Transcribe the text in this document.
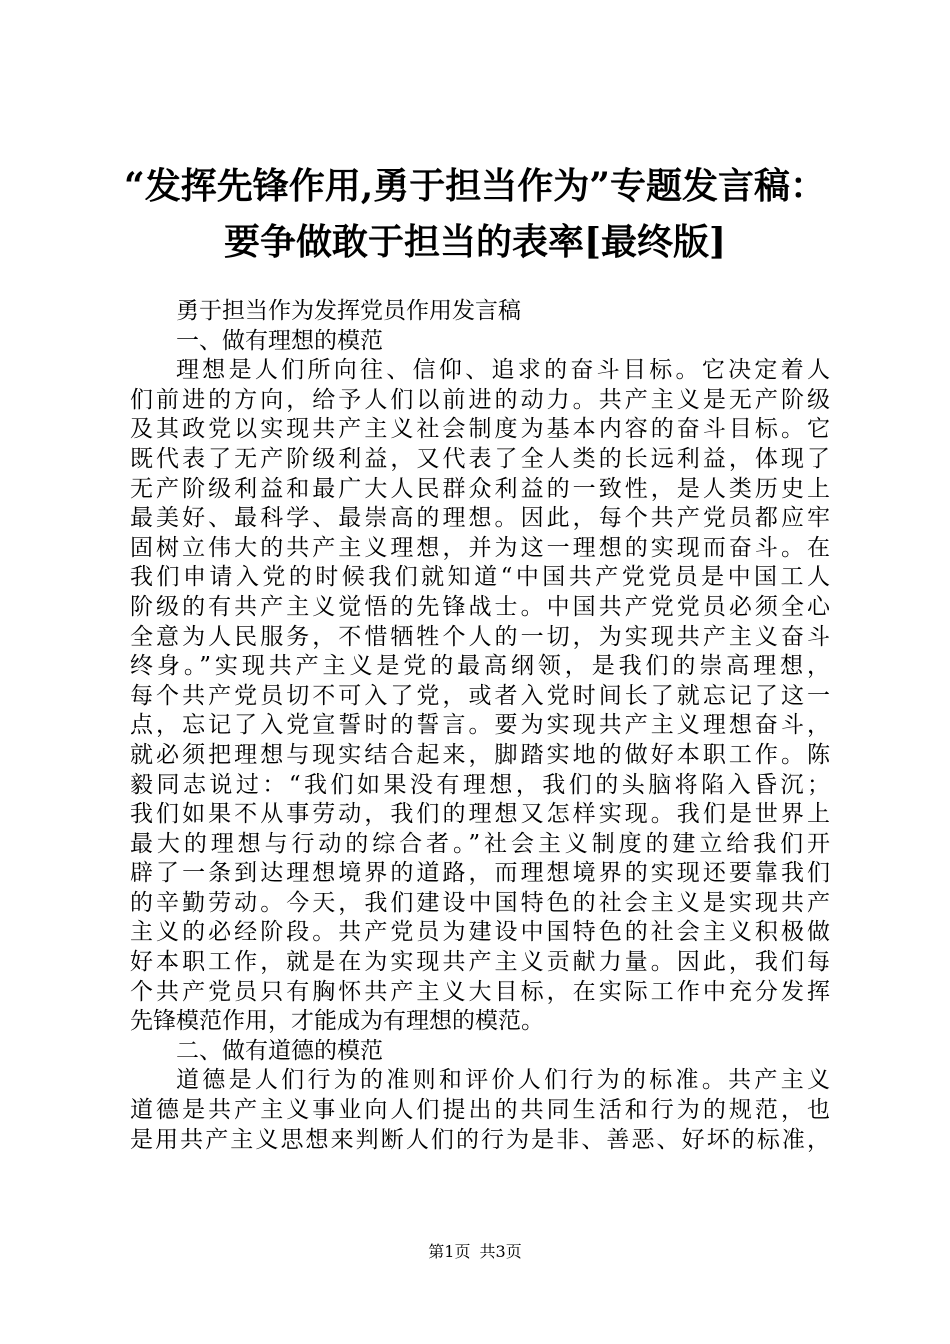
“发挥先锋作用,勇于担当作为”专题发言稿：
要争做敢于担当的表率[最终版]
勇于担当作为发挥党员作用发言稿
一、做有理想的模范
理想是人们所向往、信仰、追求的奋斗目标。它决定着人
们前进的方向，给予人们以前进的动力。共产主义是无产阶级
及其政党以实现共产主义社会制度为基本内容的奋斗目标。它
既代表了无产阶级利益，又代表了全人类的长远利益，体现了
无产阶级利益和最广大人民群众利益的一致性，是人类历史上
最美好、最科学、最崇高的理想。因此，每个共产党员都应牢
固树立伟大的共产主义理想，并为这一理想的实现而奋斗。在
我们申请入党的时候我们就知道“中国共产党党员是中国工人
阶级的有共产主义觉悟的先锋战士。中国共产党党员必须全心
全意为人民服务，不惜牺牲个人的一切，为实现共产主义奋斗
终身。”实现共产主义是党的最高纲领，是我们的崇高理想，
每个共产党员切不可入了党，或者入党时间长了就忘记了这一
点，忘记了入党宣誓时的誓言。要为实现共产主义理想奋斗，
就必须把理想与现实结合起来，脚踏实地的做好本职工作。陈
毅同志说过：“我们如果没有理想，我们的头脑将陷入昏沉；
我们如果不从事劳动，我们的理想又怎样实现。我们是世界上
最大的理想与行动的综合者。”社会主义制度的建立给我们开
辟了一条到达理想境界的道路，而理想境界的实现还要靠我们
的辛勤劳动。今天，我们建设中国特色的社会主义是实现共产
主义的必经阶段。共产党员为建设中国特色的社会主义积极做
好本职工作，就是在为实现共产主义贡献力量。因此，我们每
个共产党员只有胸怀共产主义大目标，在实际工作中充分发挥
先锋模范作用，才能成为有理想的模范。
二、做有道德的模范
道德是人们行为的准则和评价人们行为的标准。共产主义
道德是共产主义事业向人们提出的共同生活和行为的规范，也
是用共产主义思想来判断人们的行为是非、善恶、好坏的标准，
第1页 共3页
